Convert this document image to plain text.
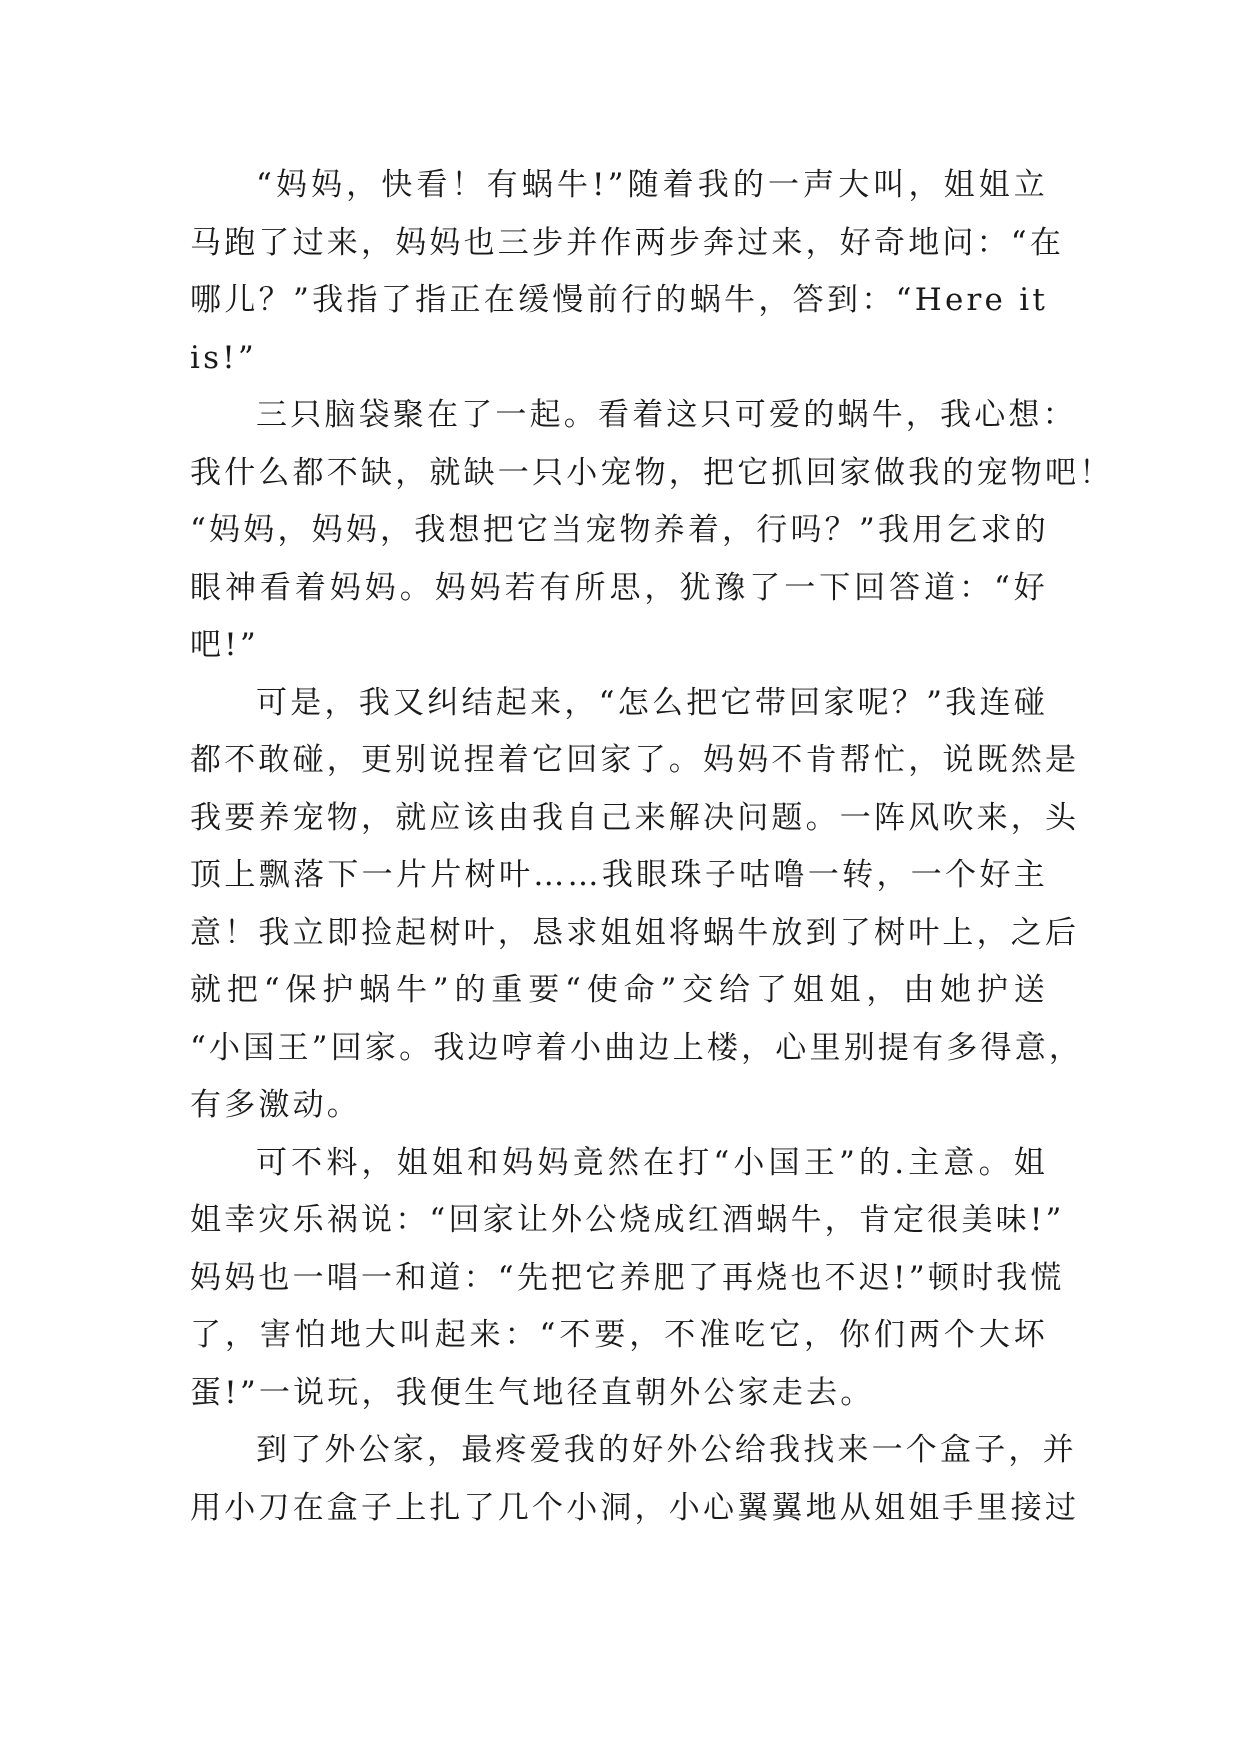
“妈妈，快看！有蜗牛!”随着我的一声大叫，姐姐立
马跑了过来，妈妈也三步并作两步奔过来，好奇地问：“在
哪儿？”我指了指正在缓慢前行的蜗牛，答到：“Here it
is!”
三只脑袋聚在了一起。看着这只可爱的蜗牛，我心想：
我什么都不缺，就缺一只小宠物，把它抓回家做我的宠物吧！
“妈妈，妈妈，我想把它当宠物养着，行吗？”我用乞求的
眼神看着妈妈。妈妈若有所思，犹豫了一下回答道：“好
吧!”
可是，我又纠结起来，“怎么把它带回家呢？”我连碰
都不敢碰，更别说捏着它回家了。妈妈不肯帮忙，说既然是
我要养宠物，就应该由我自己来解决问题。一阵风吹来，头
顶上飘落下一片片树叶……我眼珠子咕噜一转，一个好主
意！我立即捡起树叶，恳求姐姐将蜗牛放到了树叶上，之后
就把“保护蜗牛”的重要“使命”交给了姐姐，由她护送
“小国王”回家。我边哼着小曲边上楼，心里别提有多得意，
有多激动。
可不料，姐姐和妈妈竟然在打“小国王”的.主意。姐
姐幸灾乐祸说：“回家让外公烧成红酒蜗牛，肯定很美味!”
妈妈也一唱一和道：“先把它养肥了再烧也不迟!”顿时我慌
了，害怕地大叫起来：“不要，不准吃它，你们两个大坏
蛋!”一说玩，我便生气地径直朝外公家走去。
到了外公家，最疼爱我的好外公给我找来一个盒子，并
用小刀在盒子上扎了几个小洞，小心翼翼地从姐姐手里接过
